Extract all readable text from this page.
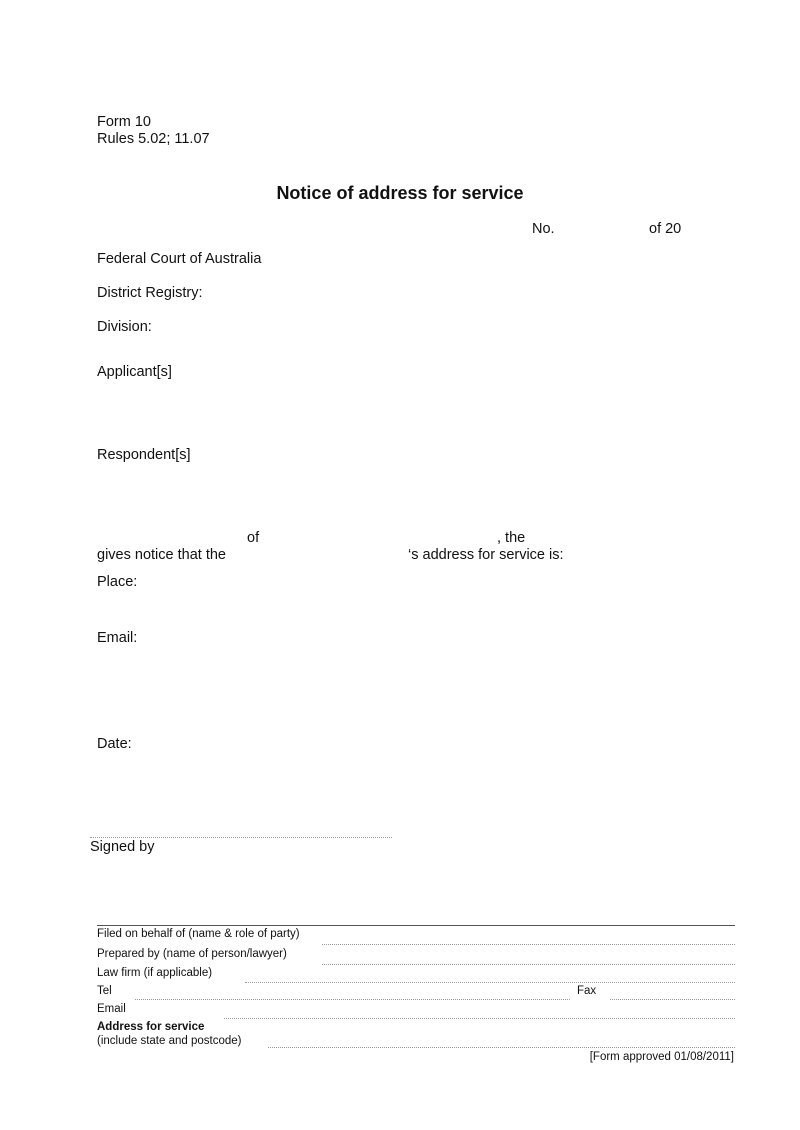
Form 10
Rules 5.02; 11.07
Notice of address for service
No.	of 20
Federal Court of Australia
District Registry:
Division:
Applicant[s]
Respondent[s]
of	, the
gives notice that the	‘s address for service is:
Place:
Email:
Date:
Signed by
Filed on behalf of (name & role of party)
Prepared by (name of person/lawyer)
Law firm (if applicable)
Tel	Fax
Email
Address for service
(include state and postcode)
[Form approved 01/08/2011]
